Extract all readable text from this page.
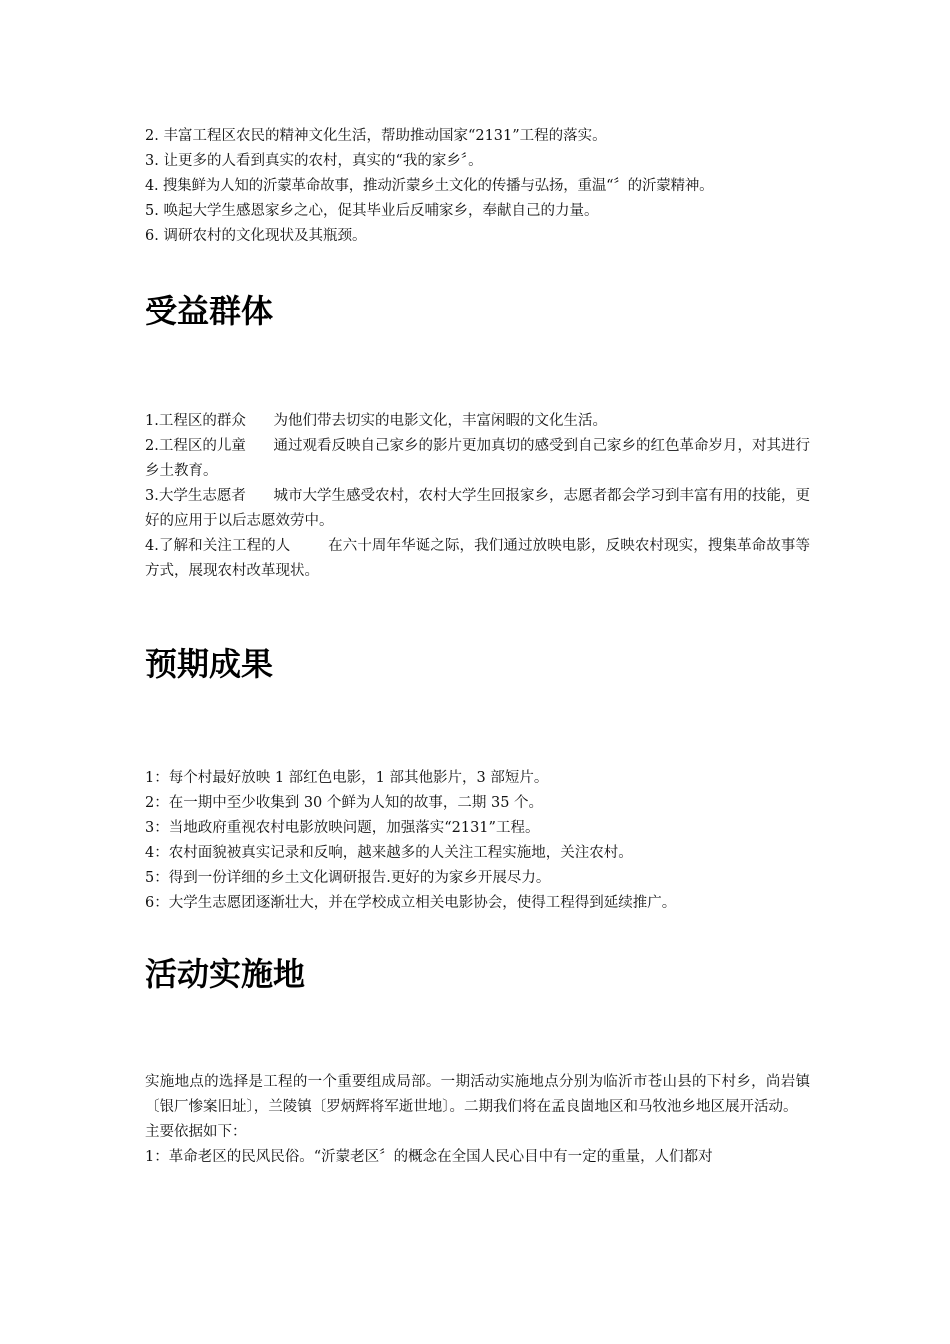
2. 丰富工程区农民的精神文化生活，帮助推动国家“2131”工程的落实。

3. 让更多的人看到真实的农村，真实的“我的家乡〞。

4. 搜集鲜为人知的沂蒙革命故事，推动沂蒙乡土文化的传播与弘扬，重温“〞的沂蒙精神。

5. 唤起大学生感恩家乡之心，促其毕业后反哺家乡，奉献自己的力量。

6. 调研农村的文化现状及其瓶颈。

受益群体

1.工程区的群众 为他们带去切实的电影文化，丰富闲暇的文化生活。

2.工程区的儿童 通过观看反映自己家乡的影片更加真切的感受到自己家乡的红色革命岁月，对其进行乡土教育。

3.大学生志愿者 城市大学生感受农村，农村大学生回报家乡，志愿者都会学习到丰富有用的技能，更好的应用于以后志愿效劳中。

4.了解和关注工程的人	在六十周年华诞之际，我们通过放映电影，反映农村现实，搜集革命故事等方式，展现农村改革现状。

预期成果

1：每个村最好放映 1 部红色电影，1 部其他影片，3 部短片。

2：在一期中至少收集到 30 个鲜为人知的故事，二期 35 个。

3：当地政府重视农村电影放映问题，加强落实“2131”工程。

4：农村面貌被真实记录和反响，越来越多的人关注工程实施地，关注农村。

5：得到一份详细的乡土文化调研报告.更好的为家乡开展尽力。

6：大学生志愿团逐渐壮大，并在学校成立相关电影协会，使得工程得到延续推广。

活动实施地

实施地点的选择是工程的一个重要组成局部。一期活动实施地点分别为临沂市苍山县的下村乡，尚岩镇〔银厂惨案旧址〕，兰陵镇〔罗炳辉将军逝世地〕。二期我们将在孟良崮地区和马牧池乡地区展开活动。

主要依据如下：

1：革命老区的民风民俗。“沂蒙老区〞的概念在全国人民心目中有一定的重量，人们都对
